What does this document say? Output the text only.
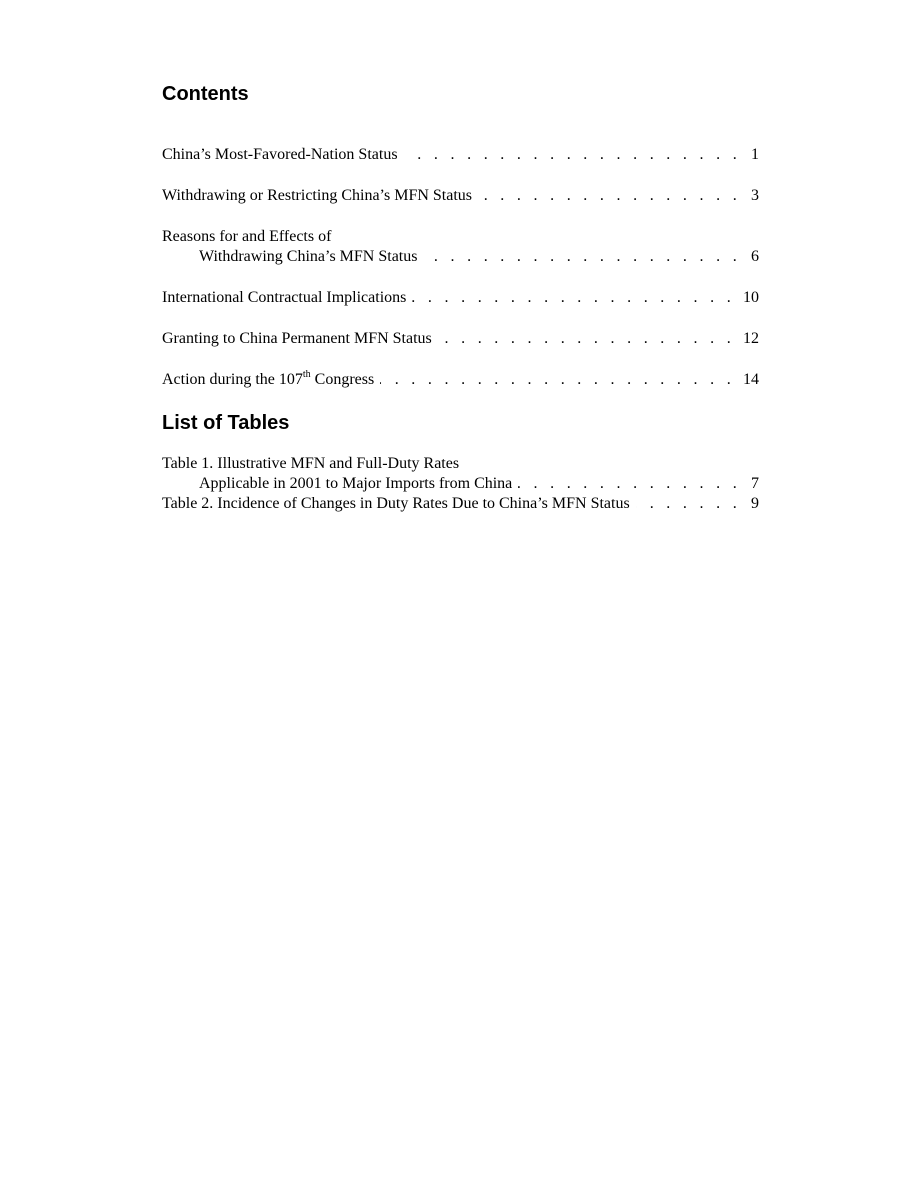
Contents
China’s Most-Favored-Nation Status . . .	1
Withdrawing or Restricting China’s MFN Status . . .	3
Reasons for and Effects of
Withdrawing China’s MFN Status . . .	6
International Contractual Implications . . .	10
Granting to China Permanent MFN Status . . .	12
Action during the 107th Congress . . .	14
List of Tables
Table 1. Illustrative MFN and Full-Duty Rates
Applicable in 2001 to Major Imports from China . . .	7
Table 2. Incidence of Changes in Duty Rates Due to China’s MFN Status . . .	9
